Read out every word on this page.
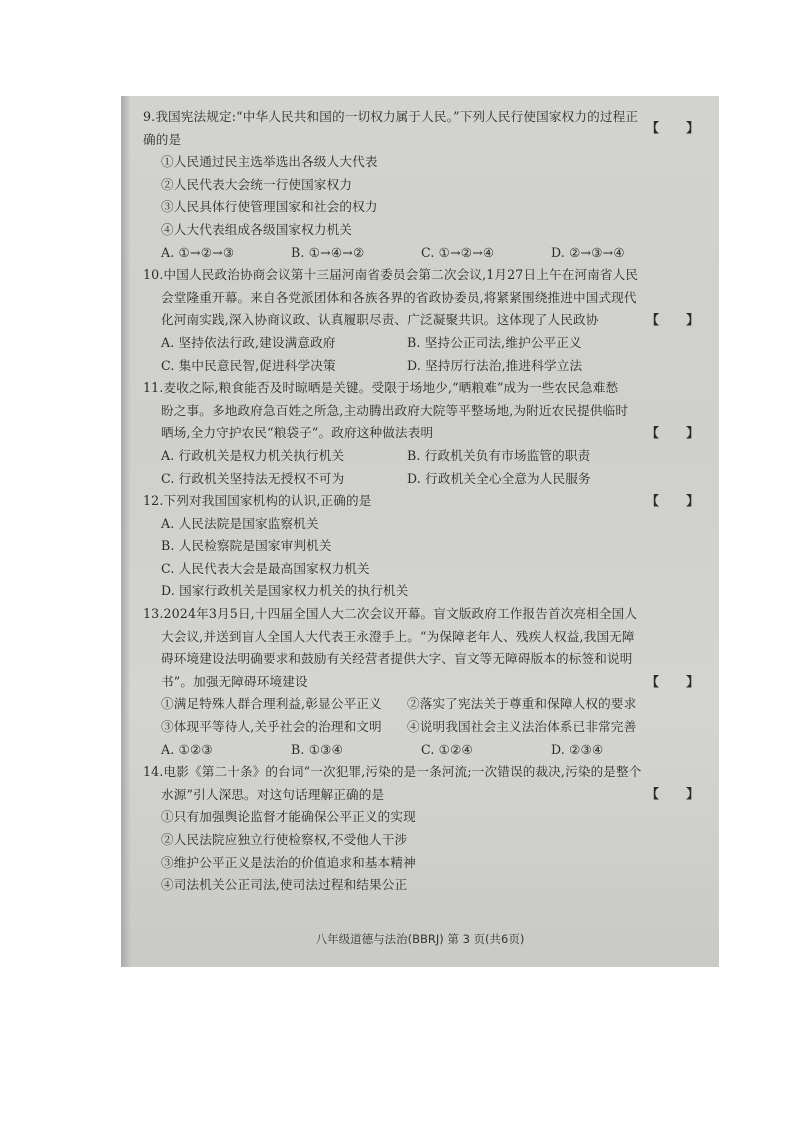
9.我国宪法规定:“中华人民共和国的一切权力属于人民。”下列人民行使国家权力的过程正
确的是
【      】
①人民通过民主选举选出各级人大代表
②人民代表大会统一行使国家权力
③人民具体行使管理国家和社会的权力
④人大代表组成各级国家权力机关
A. ①→②→③	B. ①→④→②	C. ①→②→④	D. ②→③→④
10.中国人民政治协商会议第十三届河南省委员会第二次会议,1月27日上午在河南省人民
会堂隆重开幕。来自各党派团体和各族各界的省政协委员,将紧紧围绕推进中国式现代
化河南实践,深入协商议政、认真履职尽责、广泛凝聚共识。这体现了人民政协	【      】
A. 坚持依法行政,建设满意政府	B. 坚持公正司法,维护公平正义
C. 集中民意民智,促进科学决策	D. 坚持厉行法治,推进科学立法
11.麦收之际,粮食能否及时晾晒是关键。受限于场地少,“晒粮难”成为一些农民急难愁
盼之事。多地政府急百姓之所急,主动腾出政府大院等平整场地,为附近农民提供临时
晒场,全力守护农民“粮袋子”。政府这种做法表明	【      】
A. 行政机关是权力机关执行机关	B. 行政机关负有市场监管的职责
C. 行政机关坚持法无授权不可为	D. 行政机关全心全意为人民服务
12.下列对我国国家机构的认识,正确的是	【      】
A. 人民法院是国家监察机关
B. 人民检察院是国家审判机关
C. 人民代表大会是最高国家权力机关
D. 国家行政机关是国家权力机关的执行机关
13.2024年3月5日,十四届全国人大二次会议开幕。盲文版政府工作报告首次亮相全国人
大会议,并送到盲人全国人大代表王永澄手上。“为保障老年人、残疾人权益,我国无障
碍环境建设法明确要求和鼓励有关经营者提供大字、盲文等无障碍版本的标签和说明
书”。加强无障碍环境建设	【      】
①满足特殊人群合理利益,彰显公平正义	②落实了宪法关于尊重和保障人权的要求
③体现平等待人,关乎社会的治理和文明	④说明我国社会主义法治体系已非常完善
A. ①②③	B. ①③④	C. ①②④	D. ②③④
14.电影《第二十条》的台词“一次犯罪,污染的是一条河流;一次错误的裁决,污染的是整个
水源”引人深思。对这句话理解正确的是	【      】
①只有加强舆论监督才能确保公平正义的实现
②人民法院应独立行使检察权,不受他人干涉
③维护公平正义是法治的价值追求和基本精神
④司法机关公正司法,使司法过程和结果公正
八年级道德与法治(BBRJ) 第 3 页(共6页)
